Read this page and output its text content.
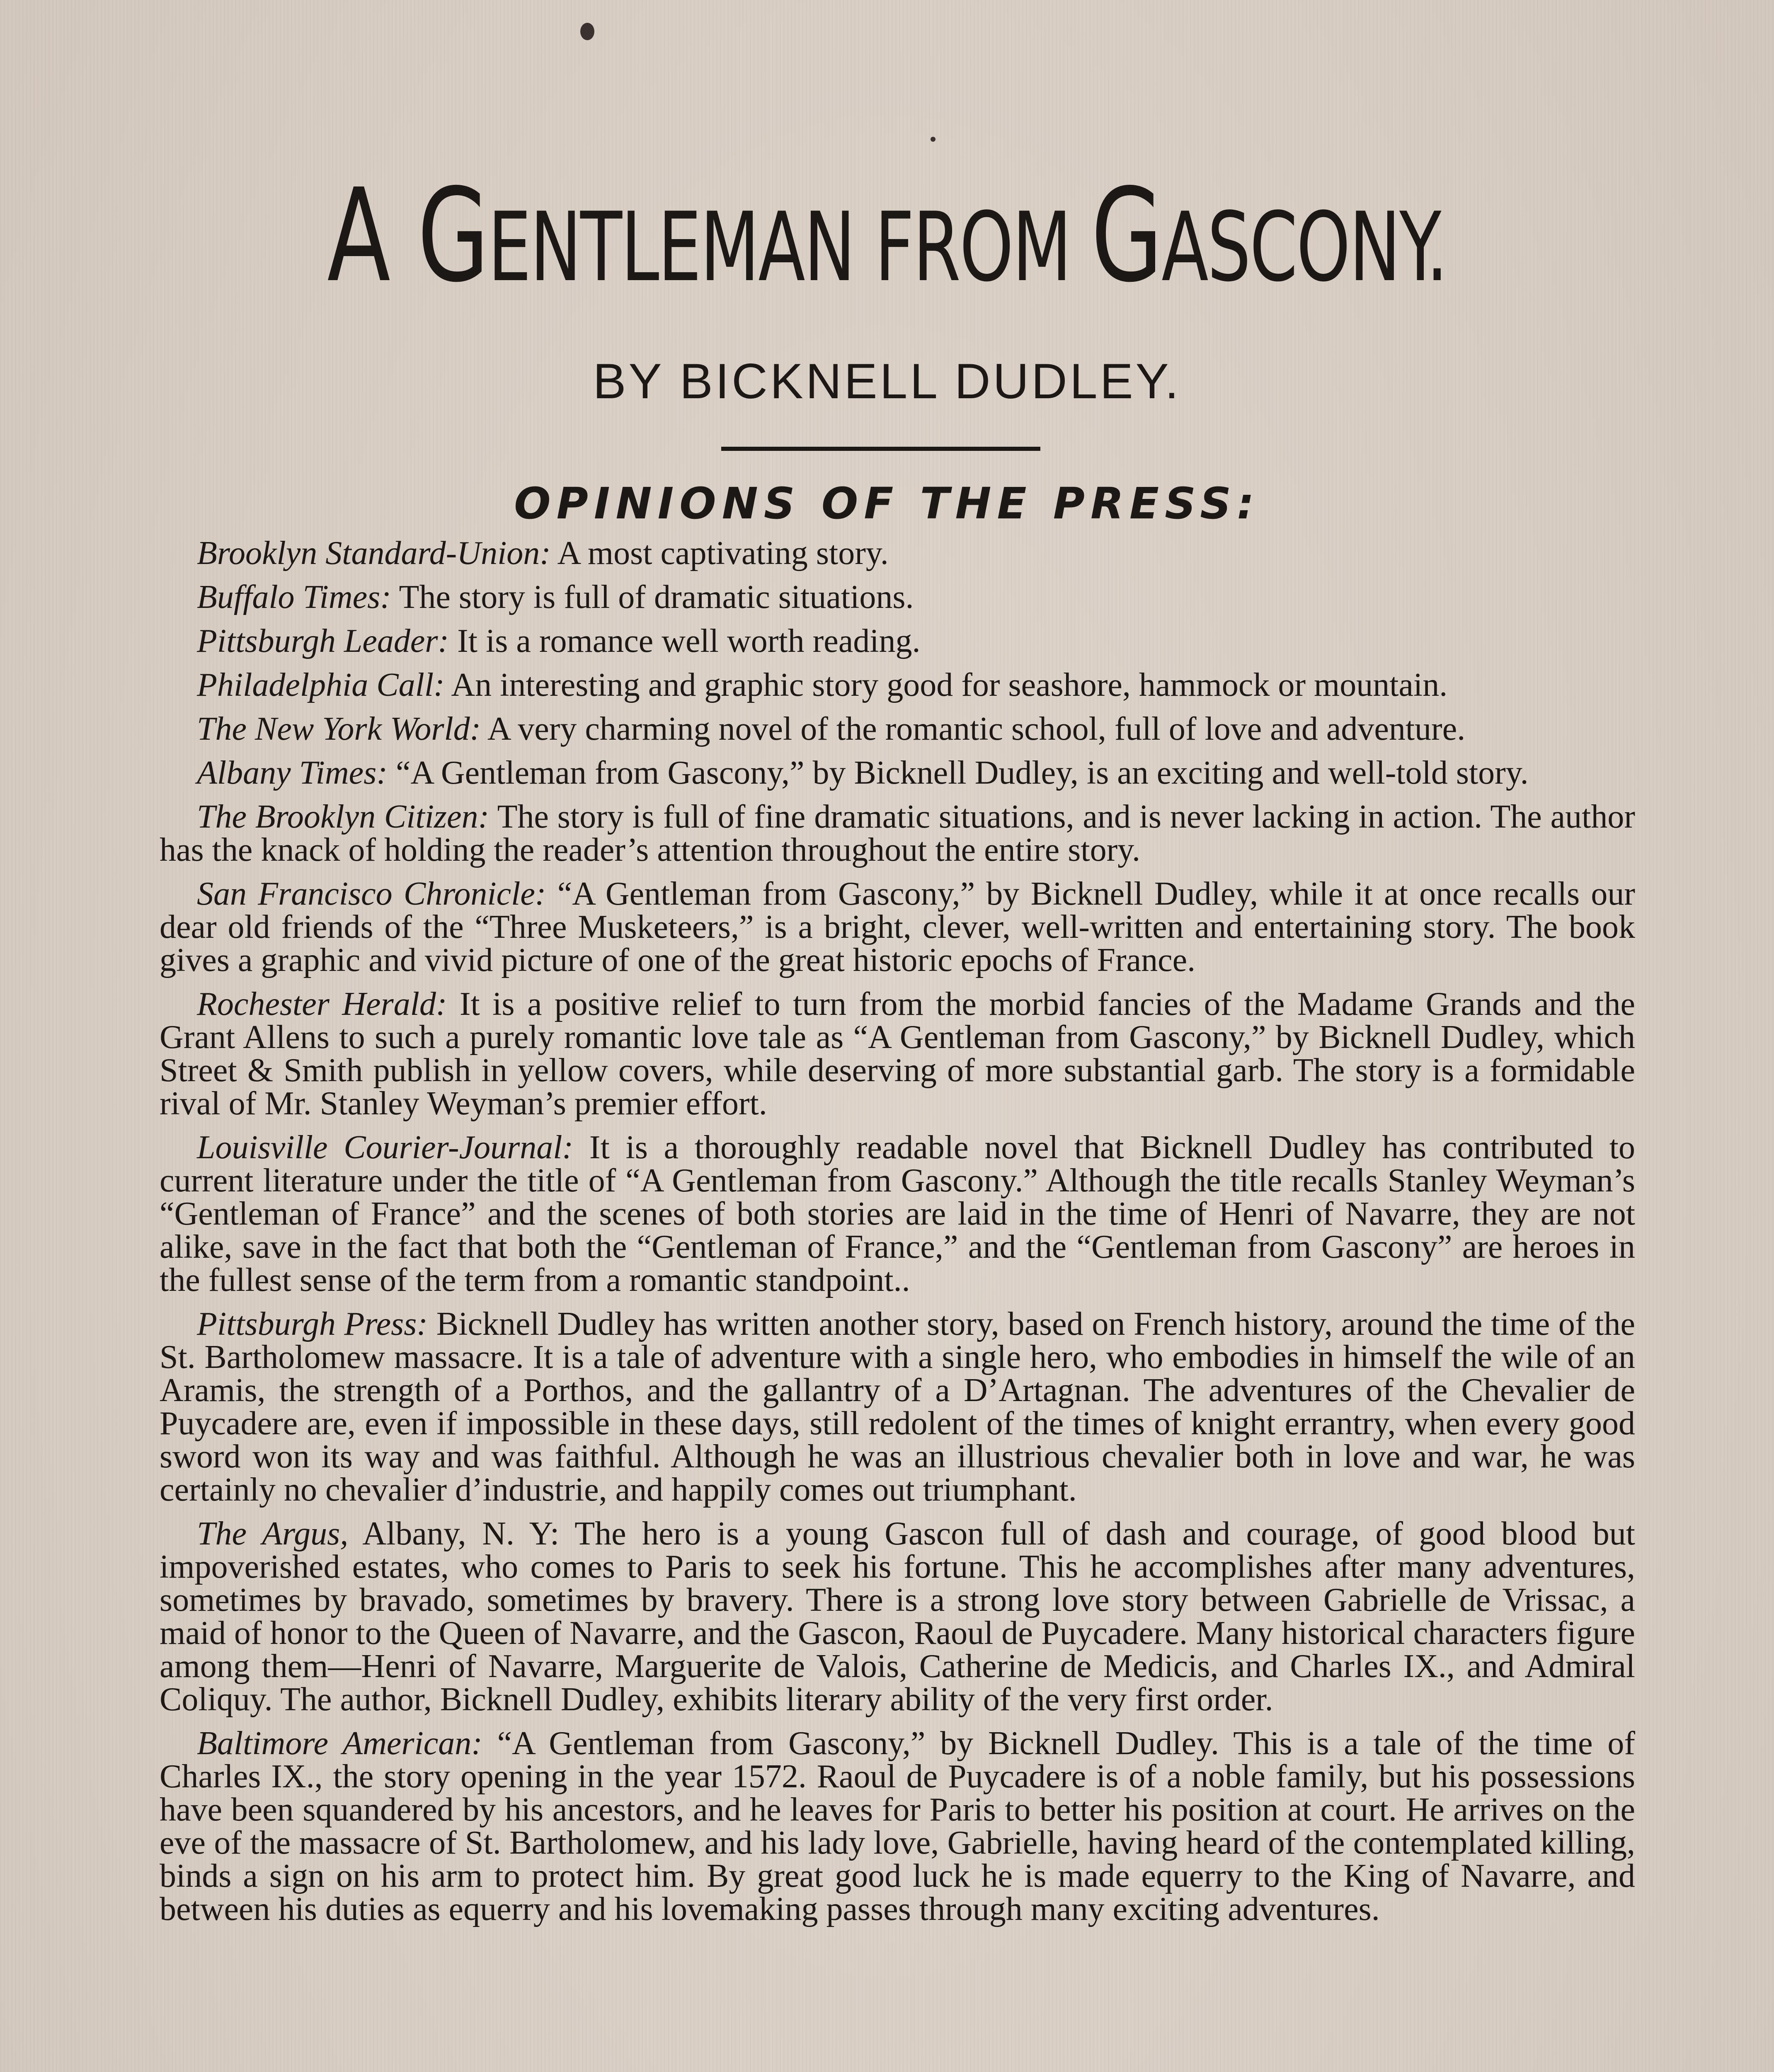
A GENTLEMAN FROM GASCONY.

BY BICKNELL DUDLEY.

OPINIONS OF THE PRESS:

Brooklyn Standard-Union: A most captivating story.

Buffalo Times: The story is full of dramatic situations.

Pittsburgh Leader: It is a romance well worth reading.

Philadelphia Call: An interesting and graphic story good for seashore, hammock or mountain.

The New York World: A very charming novel of the romantic school, full of love and adventure.

Albany Times: “A Gentleman from Gascony,” by Bicknell Dudley, is an exciting and well-told story.

The Brooklyn Citizen: The story is full of fine dramatic situations, and is never lacking in action. The author has the knack of holding the reader’s attention throughout the entire story.

San Francisco Chronicle: “A Gentleman from Gascony,” by Bicknell Dudley, while it at once recalls our dear old friends of the “Three Musketeers,” is a bright, clever, well-written and entertaining story. The book gives a graphic and vivid picture of one of the great historic epochs of France.

Rochester Herald: It is a positive relief to turn from the morbid fancies of the Madame Grands and the Grant Allens to such a purely romantic love tale as “A Gentleman from Gascony,” by Bicknell Dudley, which Street & Smith publish in yellow covers, while deserving of more substantial garb. The story is a formidable rival of Mr. Stanley Weyman’s premier effort.

Louisville Courier-Journal: It is a thoroughly readable novel that Bicknell Dudley has contributed to current literature under the title of “A Gentleman from Gascony.” Although the title recalls Stanley Weyman’s “Gentleman of France” and the scenes of both stories are laid in the time of Henri of Navarre, they are not alike, save in the fact that both the “Gentleman of France,” and the “Gentleman from Gascony” are heroes in the fullest sense of the term from a romantic standpoint..

Pittsburgh Press: Bicknell Dudley has written another story, based on French history, around the time of the St. Bartholomew massacre. It is a tale of adventure with a single hero, who embodies in himself the wile of an Aramis, the strength of a Porthos, and the gallantry of a D’Artagnan. The adventures of the Chevalier de Puycadere are, even if impossible in these days, still redolent of the times of knight errantry, when every good sword won its way and was faithful. Although he was an illustrious chevalier both in love and war, he was certainly no chevalier d’industrie, and happily comes out triumphant.

The Argus, Albany, N. Y: The hero is a young Gascon full of dash and courage, of good blood but impoverished estates, who comes to Paris to seek his fortune. This he accomplishes after many adventures, sometimes by bravado, sometimes by bravery. There is a strong love story between Gabrielle de Vrissac, a maid of honor to the Queen of Navarre, and the Gascon, Raoul de Puycadere. Many historical characters figure among them—Henri of Navarre, Marguerite de Valois, Catherine de Medicis, and Charles IX., and Admiral Coliquy. The author, Bicknell Dudley, exhibits literary ability of the very first order.

Baltimore American: “A Gentleman from Gascony,” by Bicknell Dudley. This is a tale of the time of Charles IX., the story opening in the year 1572. Raoul de Puycadere is of a noble family, but his possessions have been squandered by his ancestors, and he leaves for Paris to better his position at court. He arrives on the eve of the massacre of St. Bartholomew, and his lady love, Gabrielle, having heard of the contemplated killing, binds a sign on his arm to protect him. By great good luck he is made equerry to the King of Navarre, and between his duties as equerry and his lovemaking passes through many exciting adventures.
